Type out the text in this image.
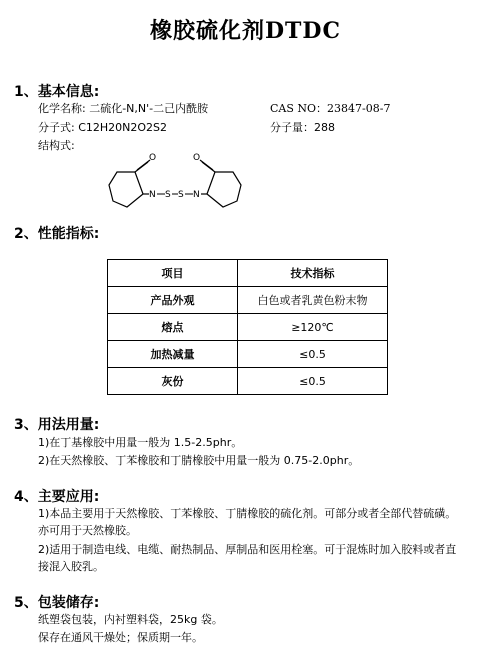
橡胶硫化剂DTDC
1、基本信息:
化学名称: 二硫化-N,N'-二己内酰胺	CAS NO：23847-08-7
分子式: C12H20N2O2S2	分子量：288
结构式:
O
N S S N
O
2、性能指标:
项目	技术指标
产品外观	白色或者乳黄色粉末物
熔点	≥120℃
加热减量	≤0.5
灰份	≤0.5
3、用法用量:
1)在丁基橡胶中用量一般为 1.5-2.5phr。
2)在天然橡胶、丁苯橡胶和丁腈橡胶中用量一般为 0.75-2.0phr。
4、主要应用:
1)本品主要用于天然橡胶、丁苯橡胶、丁腈橡胶的硫化剂。可部分或者全部代替硫磺。
亦可用于天然橡胶。
2)适用于制造电线、电缆、耐热制品、厚制品和医用栓塞。可于混炼时加入胶料或者直
接混入胶乳。
5、包装储存:
纸塑袋包装，内衬塑料袋，25kg 袋。
保存在通风干燥处；保质期一年。
